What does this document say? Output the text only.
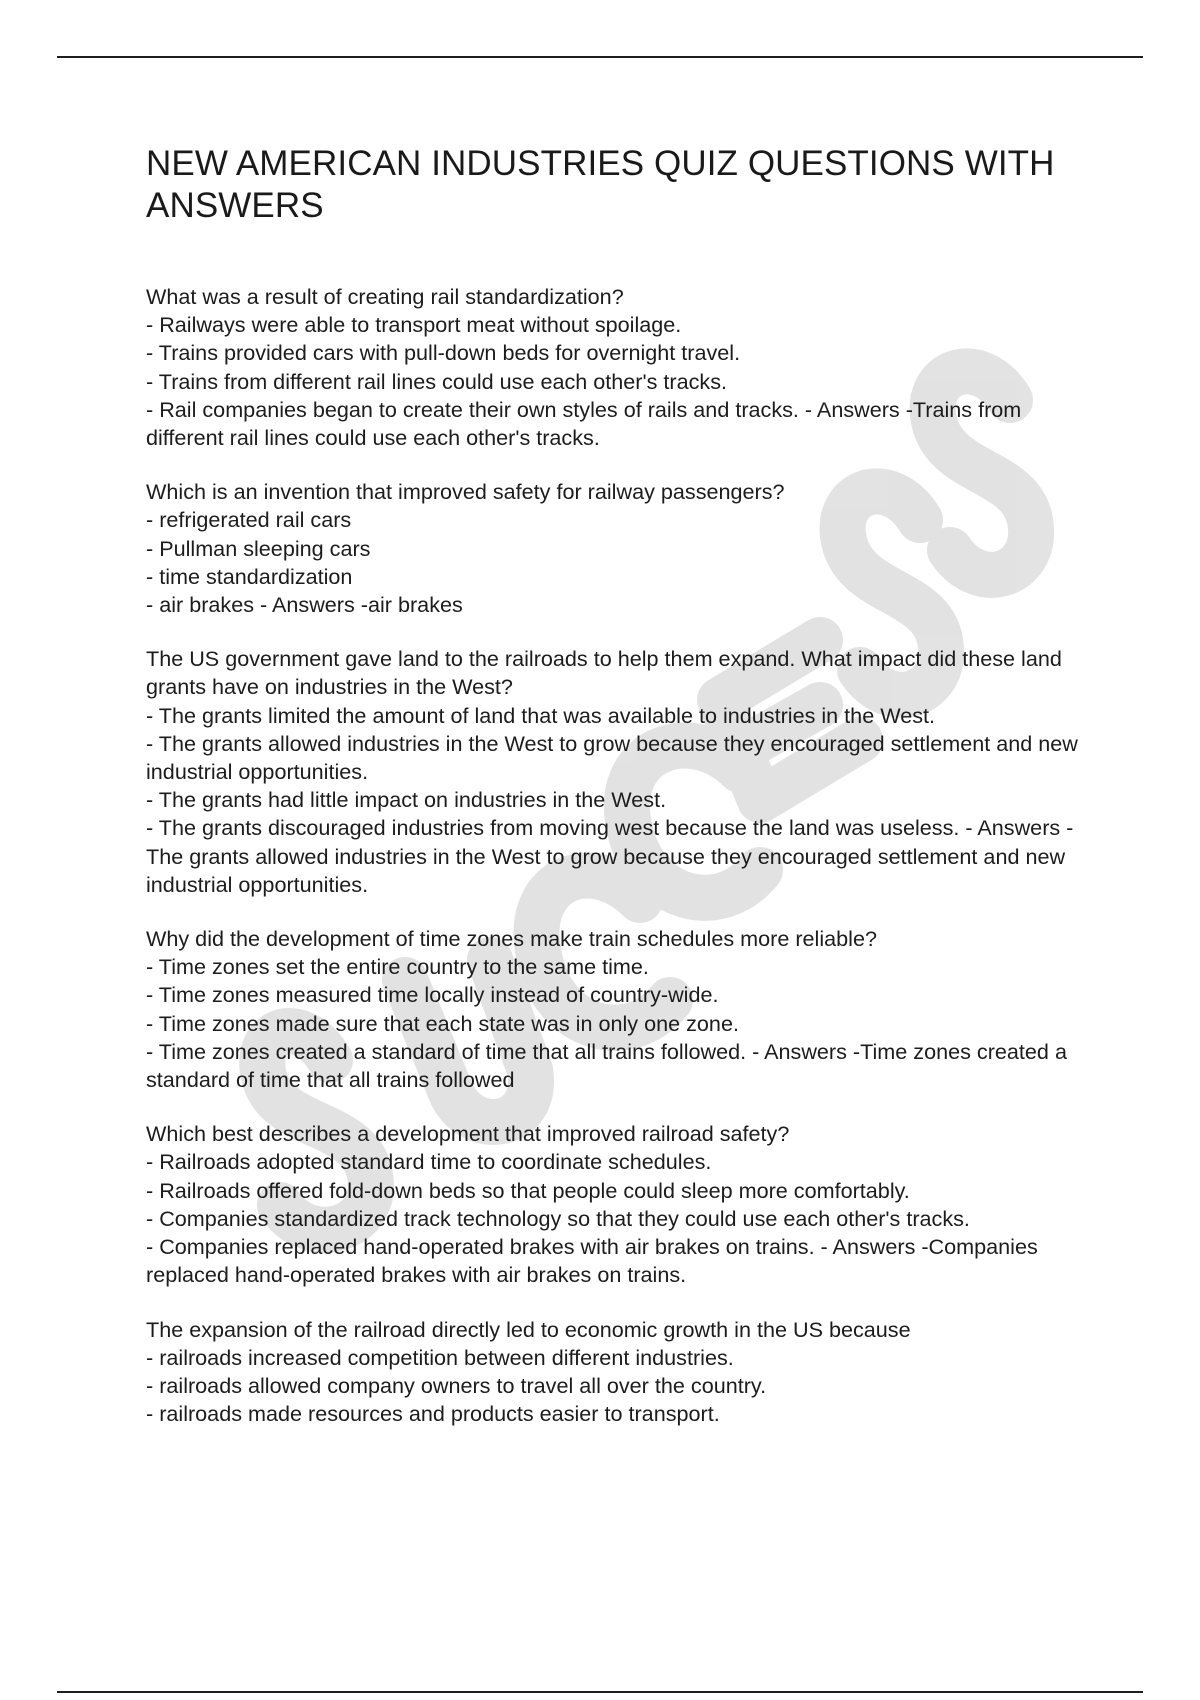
NEW AMERICAN INDUSTRIES QUIZ QUESTIONS WITH ANSWERS
What was a result of creating rail standardization?
- Railways were able to transport meat without spoilage.
- Trains provided cars with pull-down beds for overnight travel.
- Trains from different rail lines could use each other's tracks.
- Rail companies began to create their own styles of rails and tracks. - Answers -Trains from different rail lines could use each other's tracks.
Which is an invention that improved safety for railway passengers?
- refrigerated rail cars
- Pullman sleeping cars
- time standardization
- air brakes - Answers -air brakes
The US government gave land to the railroads to help them expand. What impact did these land grants have on industries in the West?
- The grants limited the amount of land that was available to industries in the West.
- The grants allowed industries in the West to grow because they encouraged settlement and new industrial opportunities.
- The grants had little impact on industries in the West.
- The grants discouraged industries from moving west because the land was useless. - Answers -The grants allowed industries in the West to grow because they encouraged settlement and new industrial opportunities.
Why did the development of time zones make train schedules more reliable?
- Time zones set the entire country to the same time.
- Time zones measured time locally instead of country-wide.
- Time zones made sure that each state was in only one zone.
- Time zones created a standard of time that all trains followed. - Answers -Time zones created a standard of time that all trains followed
Which best describes a development that improved railroad safety?
- Railroads adopted standard time to coordinate schedules.
- Railroads offered fold-down beds so that people could sleep more comfortably.
- Companies standardized track technology so that they could use each other's tracks.
- Companies replaced hand-operated brakes with air brakes on trains. - Answers -Companies replaced hand-operated brakes with air brakes on trains.
The expansion of the railroad directly led to economic growth in the US because
- railroads increased competition between different industries.
- railroads allowed company owners to travel all over the country.
- railroads made resources and products easier to transport.
